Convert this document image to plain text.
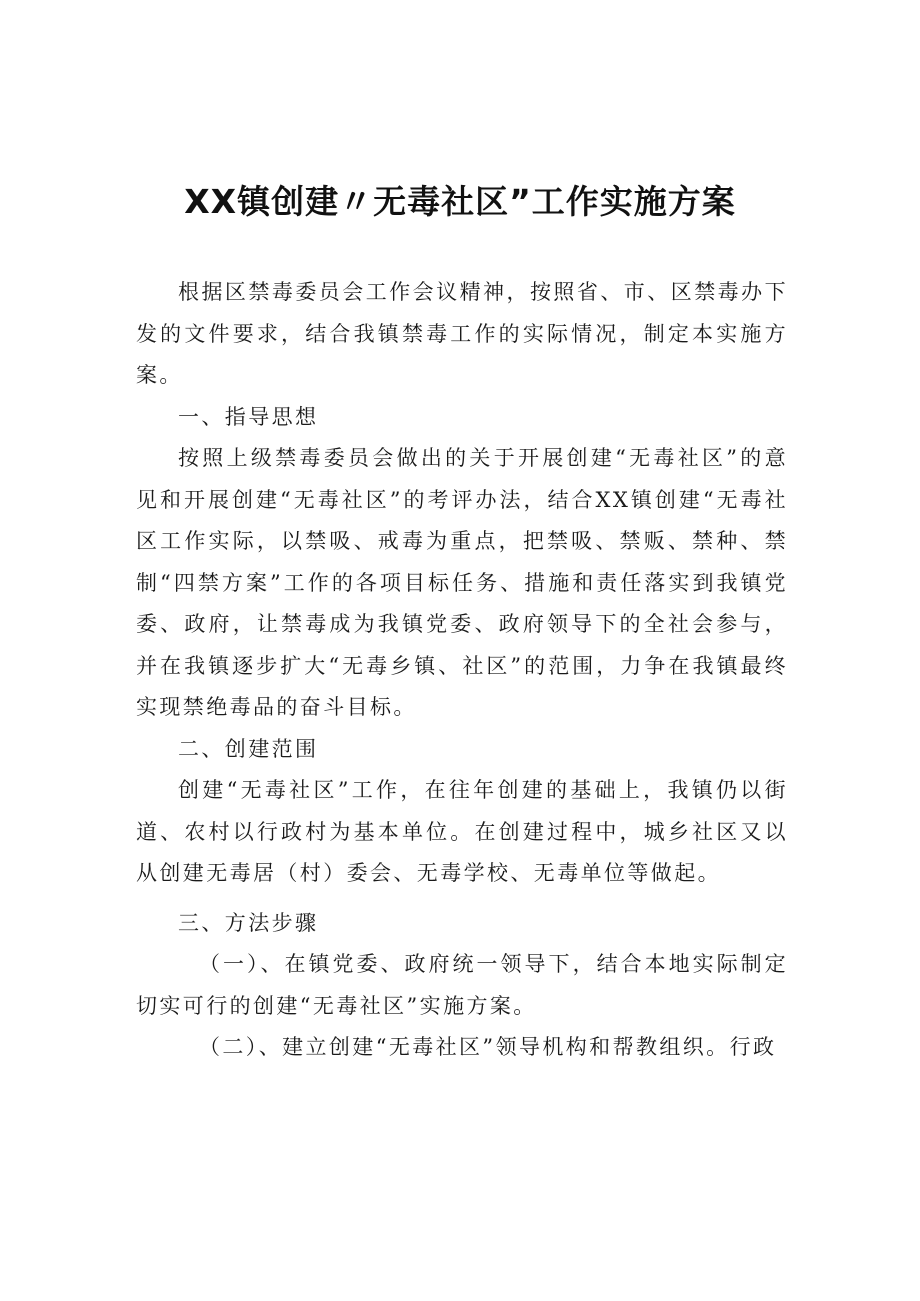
XX镇创建〃无毒社区”工作实施方案

根据区禁毒委员会工作会议精神，按照省、市、区禁毒办下发的文件要求，结合我镇禁毒工作的实际情况，制定本实施方案。

一、指导思想

按照上级禁毒委员会做出的关于开展创建“无毒社区”的意见和开展创建“无毒社区”的考评办法，结合XX镇创建“无毒社区工作实际，以禁吸、戒毒为重点，把禁吸、禁贩、禁种、禁制“四禁方案”工作的各项目标任务、措施和责任落实到我镇党委、政府，让禁毒成为我镇党委、政府领导下的全社会参与，并在我镇逐步扩大“无毒乡镇、社区”的范围，力争在我镇最终实现禁绝毒品的奋斗目标。

二、创建范围

创建“无毒社区”工作，在往年创建的基础上，我镇仍以街道、农村以行政村为基本单位。在创建过程中，城乡社区又以从创建无毒居（村）委会、无毒学校、无毒单位等做起。

三、方法步骤

（一）、在镇党委、政府统一领导下，结合本地实际制定切实可行的创建“无毒社区”实施方案。

（二）、建立创建“无毒社区”领导机构和帮教组织。行政
